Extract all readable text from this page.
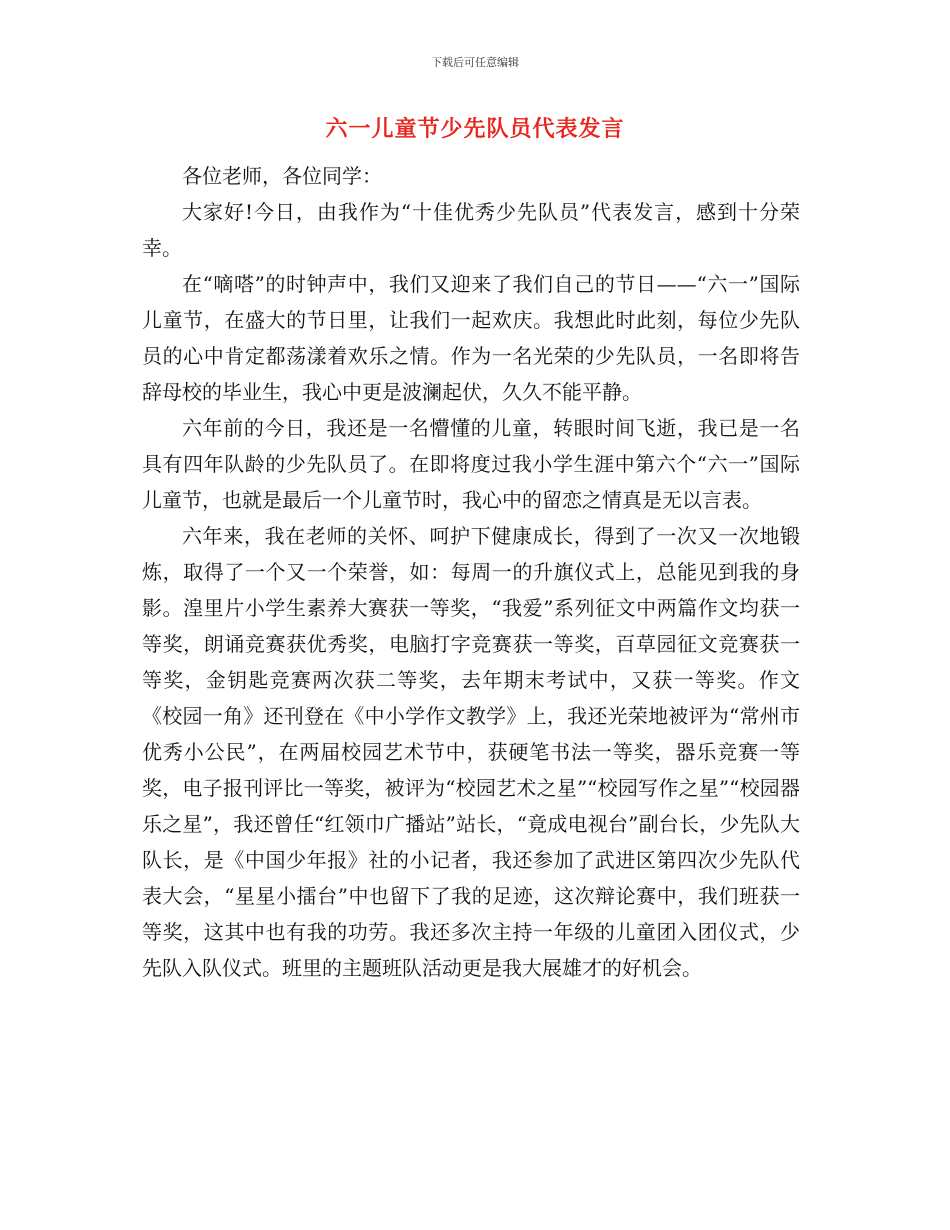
下载后可任意编辑
六一儿童节少先队员代表发言

各位老师，各位同学：

大家好!今日，由我作为“十佳优秀少先队员”代表发言，感到十分荣幸。

在“嘀嗒”的时钟声中，我们又迎来了我们自己的节日——“六一”国际儿童节，在盛大的节日里，让我们一起欢庆。我想此时此刻，每位少先队员的心中肯定都荡漾着欢乐之情。作为一名光荣的少先队员，一名即将告辞母校的毕业生，我心中更是波澜起伏，久久不能平静。

六年前的今日，我还是一名懵懂的儿童，转眼时间飞逝，我已是一名具有四年队龄的少先队员了。在即将度过我小学生涯中第六个“六一”国际儿童节，也就是最后一个儿童节时，我心中的留恋之情真是无以言表。

六年来，我在老师的关怀、呵护下健康成长，得到了一次又一次地锻炼，取得了一个又一个荣誉，如：每周一的升旗仪式上，总能见到我的身影。湟里片小学生素养大赛获一等奖，“我爱”系列征文中两篇作文均获一等奖，朗诵竞赛获优秀奖，电脑打字竞赛获一等奖，百草园征文竞赛获一等奖，金钥匙竞赛两次获二等奖，去年期末考试中，又获一等奖。作文《校园一角》还刊登在《中小学作文教学》上，我还光荣地被评为“常州市优秀小公民”，在两届校园艺术节中，获硬笔书法一等奖，器乐竞赛一等奖，电子报刊评比一等奖，被评为“校园艺术之星”“校园写作之星”“校园器乐之星”，我还曾任“红领巾广播站”站长，“竟成电视台”副台长，少先队大队长，是《中国少年报》社的小记者，我还参加了武进区第四次少先队代表大会，“星星小擂台”中也留下了我的足迹，这次辩论赛中，我们班获一等奖，这其中也有我的功劳。我还多次主持一年级的儿童团入团仪式，少先队入队仪式。班里的主题班队活动更是我大展雄才的好机会。
